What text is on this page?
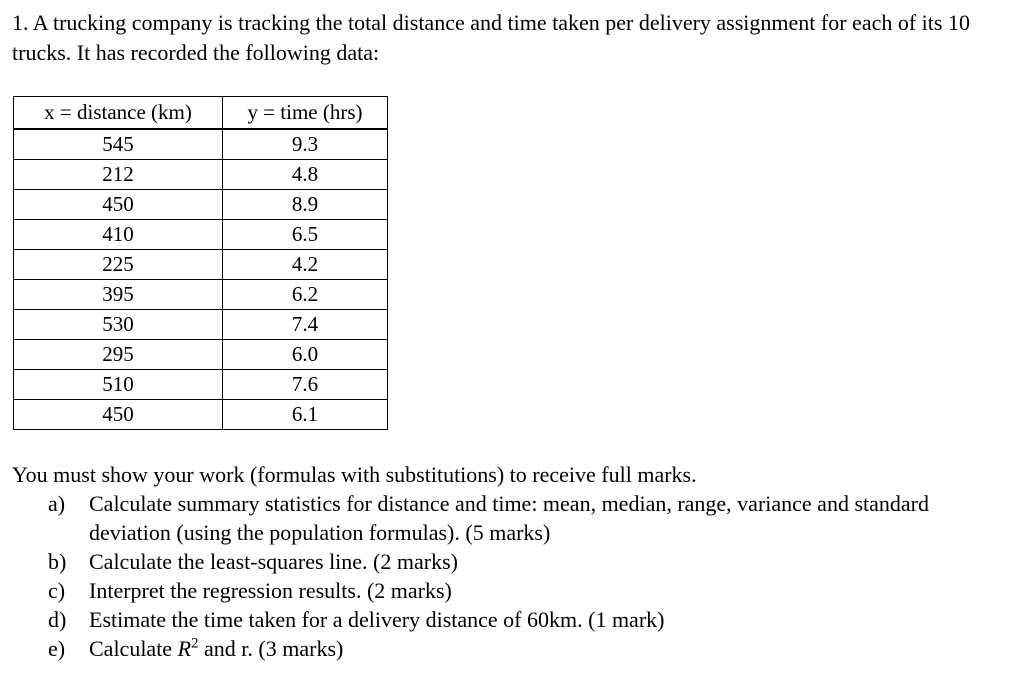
1. A trucking company is tracking the total distance and time taken per delivery assignment for each of its 10 trucks. It has recorded the following data:

x = distance (km)	y = time (hrs)
545	9.3
212	4.8
450	8.9
410	6.5
225	4.2
395	6.2
530	7.4
295	6.0
510	7.6
450	6.1

You must show your work (formulas with substitutions) to receive full marks.

a)	Calculate summary statistics for distance and time: mean, median, range, variance and standard deviation (using the population formulas). (5 marks)
b)	Calculate the least-squares line. (2 marks)
c)	Interpret the regression results. (2 marks)
d)	Estimate the time taken for a delivery distance of 60km. (1 mark)
e)	Calculate $R^2$ and r. (3 marks)
